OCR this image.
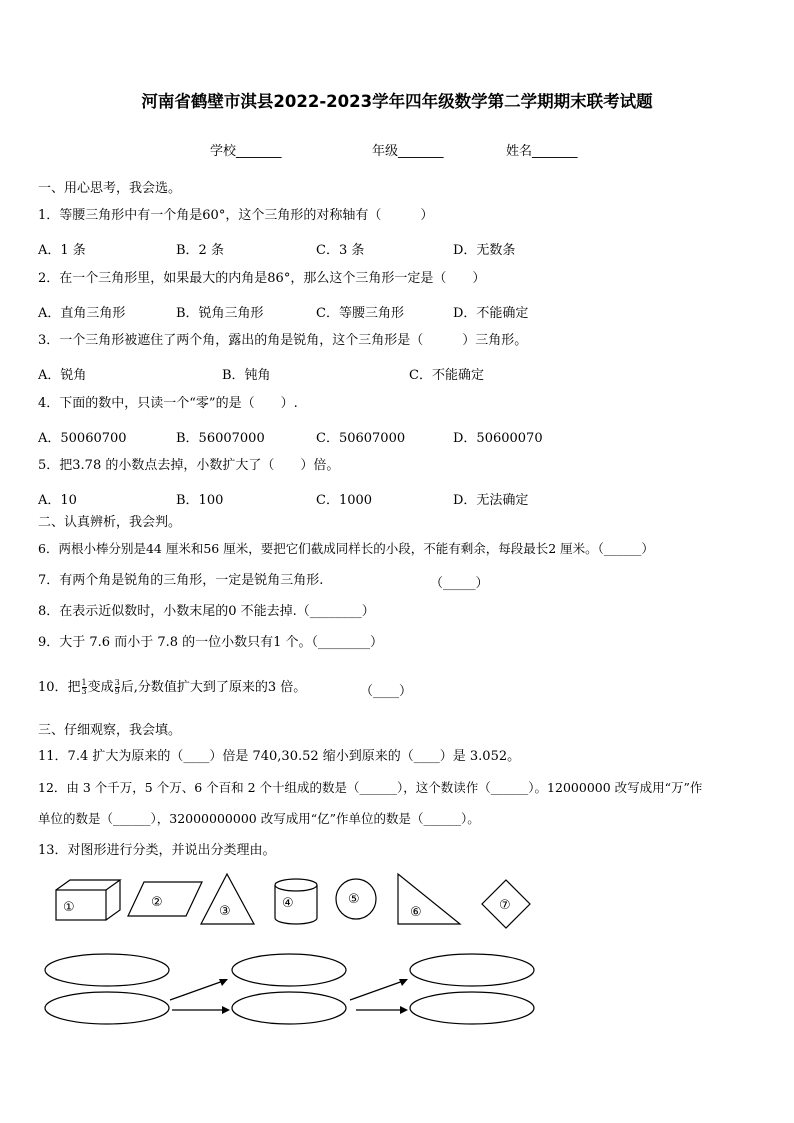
河南省鹤壁市淇县2022-2023学年四年级数学第二学期期末联考试题
学校_______	年级_______	姓名_______
一、用心思考，我会选。
1．等腰三角形中有一个角是60°，这个三角形的对称轴有（　　　）
A．1 条	B．2 条	C．3 条	D．无数条
2．在一个三角形里，如果最大的内角是86°，那么这个三角形一定是（　　）
A．直角三角形	B．锐角三角形	C．等腰三角形	D．不能确定
3．一个三角形被遮住了两个角，露出的角是锐角，这个三角形是（　　　）三角形。
A．锐角	B．钝角	C．不能确定
4．下面的数中，只读一个“零”的是（　　）.
A．50060700	B．56007000	C．50607000	D．50600070
5．把3.78 的小数点去掉，小数扩大了（　　）倍。
A．10	B．100	C．1000	D．无法确定
二、认真辨析，我会判。
6．两根小棒分别是44 厘米和56 厘米，要把它们截成同样长的小段，不能有剩余，每段最长2 厘米。（______）
7．有两个角是锐角的三角形，一定是锐角三角形.	（_____）
8．在表示近似数时，小数末尾的0 不能去掉.（________）
9．大于 7.6 而小于 7.8 的一位小数只有1 个。（________）
10．把 $\frac{1}{3}$ 变成 $\frac{3}{9}$ 后,分数值扩大到了原来的3 倍。	（____）
三、仔细观察，我会填。
11．7.4 扩大为原来的（____）倍是 740,30.52 缩小到原来的（____）是 3.052。
12．由 3 个千万，5 个万、6 个百和 2 个十组成的数是（______），这个数读作（______）。12000000 改写成用“万”作
单位的数是（______），32000000000 改写成用“亿”作单位的数是（______）。
13．对图形进行分类，并说出分类理由。
①	②
③
④	⑤
⑥	⑦
